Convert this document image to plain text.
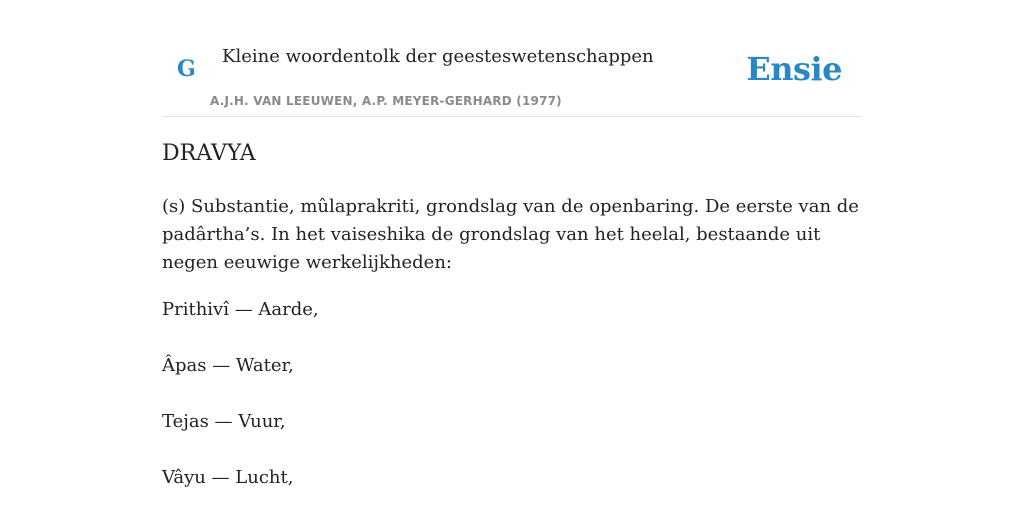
G Kleine woordentolk der geesteswetenschappen
A.J.H. VAN LEEUWEN, A.P. MEYER-GERHARD (1977)
Ensie
DRAVYA

(s) Substantie, mûlaprakriti, grondslag van de openbaring. De eerste van de padârtha’s. In het vaiseshika de grondslag van het heelal, bestaande uit negen eeuwige werkelijkheden:

Prithivî — Aarde,
Âpas — Water,
Tejas — Vuur,
Vâyu — Lucht,
